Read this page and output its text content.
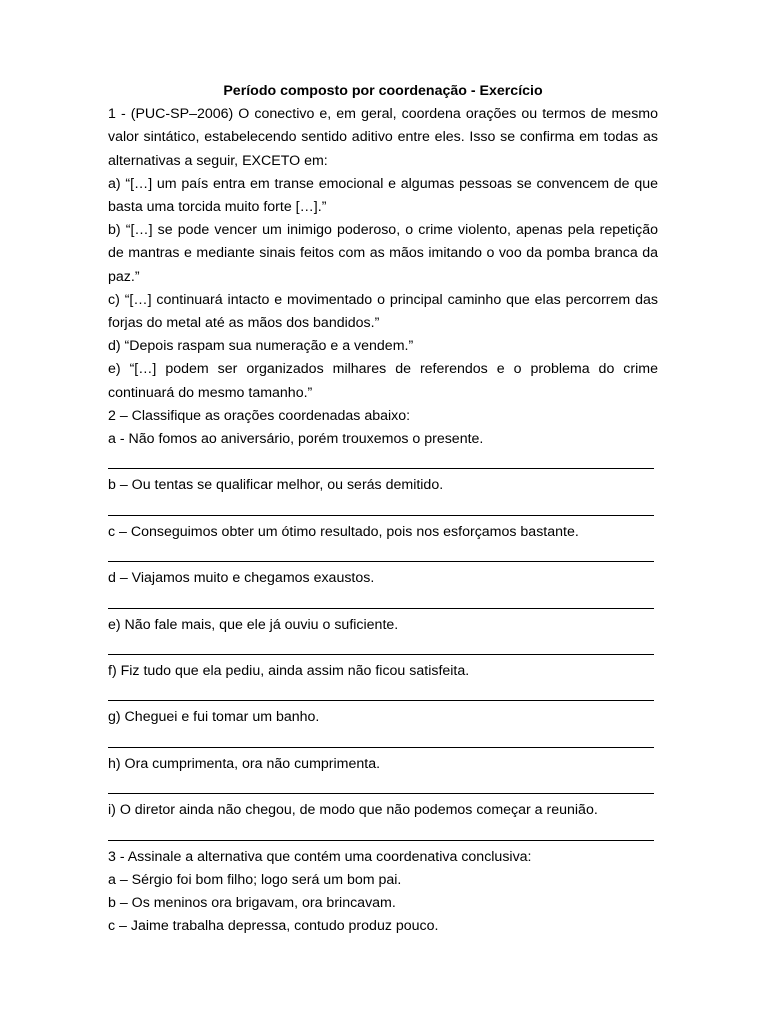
Período composto por coordenação - Exercício

1 - (PUC-SP–2006) O conectivo e, em geral, coordena orações ou termos de mesmo valor sintático, estabelecendo sentido aditivo entre eles. Isso se confirma em todas as alternativas a seguir, EXCETO em:

a) “[…] um país entra em transe emocional e algumas pessoas se convencem de que basta uma torcida muito forte […].”

b) “[…] se pode vencer um inimigo poderoso, o crime violento, apenas pela repetição de mantras e mediante sinais feitos com as mãos imitando o voo da pomba branca da paz.”

c) “[…] continuará intacto e movimentado o principal caminho que elas percorrem das forjas do metal até as mãos dos bandidos.”

d) “Depois raspam sua numeração e a vendem.”

e) “[…] podem ser organizados milhares de referendos e o problema do crime continuará do mesmo tamanho.”

2 – Classifique as orações coordenadas abaixo:

a - Não fomos ao aniversário, porém trouxemos o presente.

b – Ou tentas se qualificar melhor, ou serás demitido.

c – Conseguimos obter um ótimo resultado, pois nos esforçamos bastante.

d – Viajamos muito e chegamos exaustos.

e) Não fale mais, que ele já ouviu o suficiente.

f) Fiz tudo que ela pediu, ainda assim não ficou satisfeita.

g) Cheguei e fui tomar um banho.

h) Ora cumprimenta, ora não cumprimenta.

i) O diretor ainda não chegou, de modo que não podemos começar a reunião.

3 - Assinale a alternativa que contém uma coordenativa conclusiva:

a – Sérgio foi bom filho; logo será um bom pai.

b – Os meninos ora brigavam, ora brincavam.

c – Jaime trabalha depressa, contudo produz pouco.
